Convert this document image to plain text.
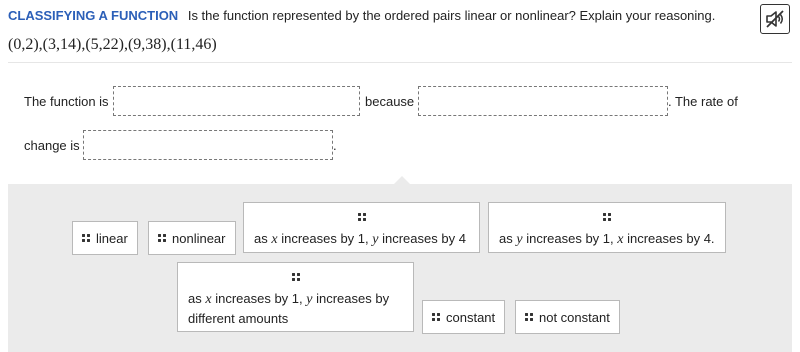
CLASSIFYING A FUNCTION Is the function represented by the ordered pairs linear or nonlinear? Explain your reasoning.
(0,2),(3,14),(5,22),(9,38),(11,46)
The function is	because	. The rate of
change is	.
linear	nonlinear as x increases by 1, y increases by 4	as y increases by 1, x increases by 4.
as x increases by 1, y increases by
different amounts	constant	not constant
